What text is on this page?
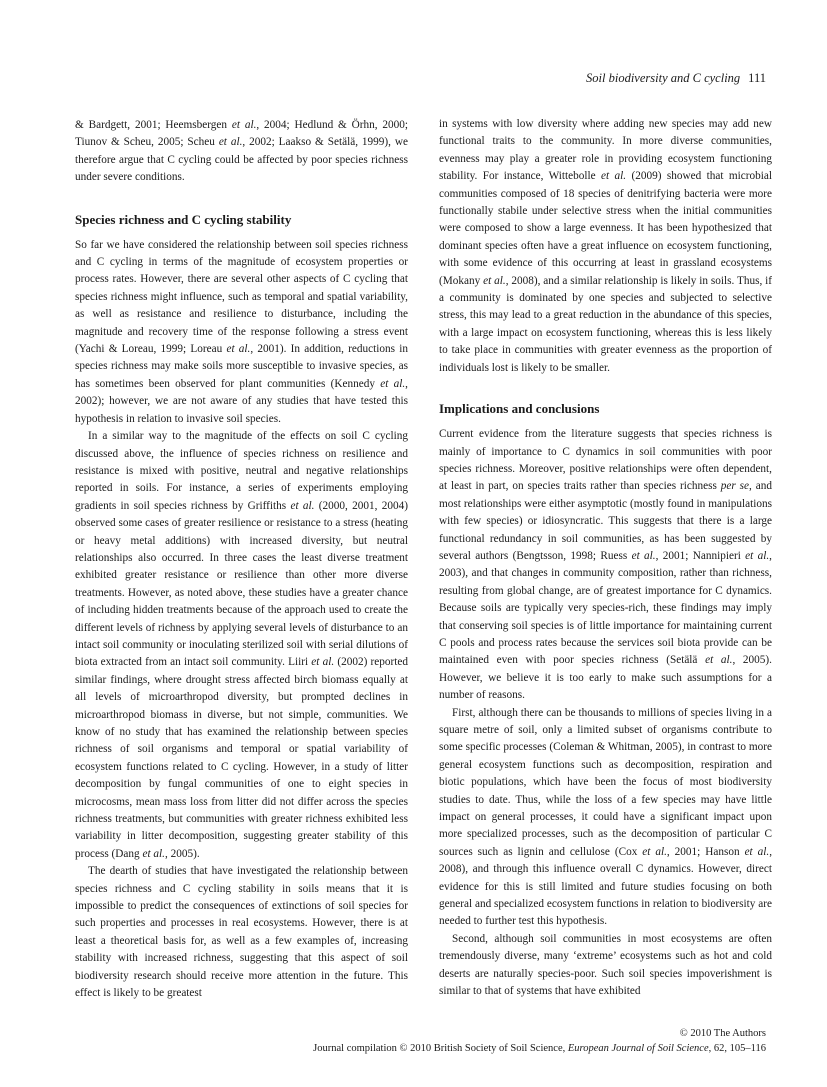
Soil biodiversity and C cycling 111

& Bardgett, 2001; Heemsbergen et al., 2004; Hedlund & Örhn, 2000; Tiunov & Scheu, 2005; Scheu et al., 2002; Laakso & Setälä, 1999), we therefore argue that C cycling could be affected by poor species richness under severe conditions.

Species richness and C cycling stability

So far we have considered the relationship between soil species richness and C cycling in terms of the magnitude of ecosystem properties or process rates. However, there are several other aspects of C cycling that species richness might influence, such as temporal and spatial variability, as well as resistance and resilience to disturbance, including the magnitude and recovery time of the response following a stress event (Yachi & Loreau, 1999; Loreau et al., 2001). In addition, reductions in species richness may make soils more susceptible to invasive species, as has sometimes been observed for plant communities (Kennedy et al., 2002); however, we are not aware of any studies that have tested this hypothesis in relation to invasive soil species.

In a similar way to the magnitude of the effects on soil C cycling discussed above, the influence of species richness on resilience and resistance is mixed with positive, neutral and negative relationships reported in soils. For instance, a series of experiments employing gradients in soil species richness by Griffiths et al. (2000, 2001, 2004) observed some cases of greater resilience or resistance to a stress (heating or heavy metal additions) with increased diversity, but neutral relationships also occurred. In three cases the least diverse treatment exhibited greater resistance or resilience than other more diverse treatments. However, as noted above, these studies have a greater chance of including hidden treatments because of the approach used to create the different levels of richness by applying several levels of disturbance to an intact soil community or inoculating sterilized soil with serial dilutions of biota extracted from an intact soil community. Liiri et al. (2002) reported similar findings, where drought stress affected birch biomass equally at all levels of microarthropod diversity, but prompted declines in microarthropod biomass in diverse, but not simple, communities. We know of no study that has examined the relationship between species richness of soil organisms and temporal or spatial variability of ecosystem functions related to C cycling. However, in a study of litter decomposition by fungal communities of one to eight species in microcosms, mean mass loss from litter did not differ across the species richness treatments, but communities with greater richness exhibited less variability in litter decomposition, suggesting greater stability of this process (Dang et al., 2005).

The dearth of studies that have investigated the relationship between species richness and C cycling stability in soils means that it is impossible to predict the consequences of extinctions of soil species for such properties and processes in real ecosystems. However, there is at least a theoretical basis for, as well as a few examples of, increasing stability with increased richness, suggesting that this aspect of soil biodiversity research should receive more attention in the future. This effect is likely to be greatest

in systems with low diversity where adding new species may add new functional traits to the community. In more diverse communities, evenness may play a greater role in providing ecosystem functioning stability. For instance, Wittebolle et al. (2009) showed that microbial communities composed of 18 species of denitrifying bacteria were more functionally stabile under selective stress when the initial communities were composed to show a large evenness. It has been hypothesized that dominant species often have a great influence on ecosystem functioning, with some evidence of this occurring at least in grassland ecosystems (Mokany et al., 2008), and a similar relationship is likely in soils. Thus, if a community is dominated by one species and subjected to selective stress, this may lead to a great reduction in the abundance of this species, with a large impact on ecosystem functioning, whereas this is less likely to take place in communities with greater evenness as the proportion of individuals lost is likely to be smaller.

Implications and conclusions

Current evidence from the literature suggests that species richness is mainly of importance to C dynamics in soil communities with poor species richness. Moreover, positive relationships were often dependent, at least in part, on species traits rather than species richness per se, and most relationships were either asymptotic (mostly found in manipulations with few species) or idiosyncratic. This suggests that there is a large functional redundancy in soil communities, as has been suggested by several authors (Bengtsson, 1998; Ruess et al., 2001; Nannipieri et al., 2003), and that changes in community composition, rather than richness, resulting from global change, are of greatest importance for C dynamics. Because soils are typically very species-rich, these findings may imply that conserving soil species is of little importance for maintaining current C pools and process rates because the services soil biota provide can be maintained even with poor species richness (Setälä et al., 2005). However, we believe it is too early to make such assumptions for a number of reasons.

First, although there can be thousands to millions of species living in a square metre of soil, only a limited subset of organisms contribute to some specific processes (Coleman & Whitman, 2005), in contrast to more general ecosystem functions such as decomposition, respiration and biotic populations, which have been the focus of most biodiversity studies to date. Thus, while the loss of a few species may have little impact on general processes, it could have a significant impact upon more specialized processes, such as the decomposition of particular C sources such as lignin and cellulose (Cox et al., 2001; Hanson et al., 2008), and through this influence overall C dynamics. However, direct evidence for this is still limited and future studies focusing on both general and specialized ecosystem functions in relation to biodiversity are needed to further test this hypothesis.

Second, although soil communities in most ecosystems are often tremendously diverse, many ‘extreme’ ecosystems such as hot and cold deserts are naturally species-poor. Such soil species impoverishment is similar to that of systems that have exhibited

© 2010 The Authors
Journal compilation © 2010 British Society of Soil Science, European Journal of Soil Science, 62, 105–116
